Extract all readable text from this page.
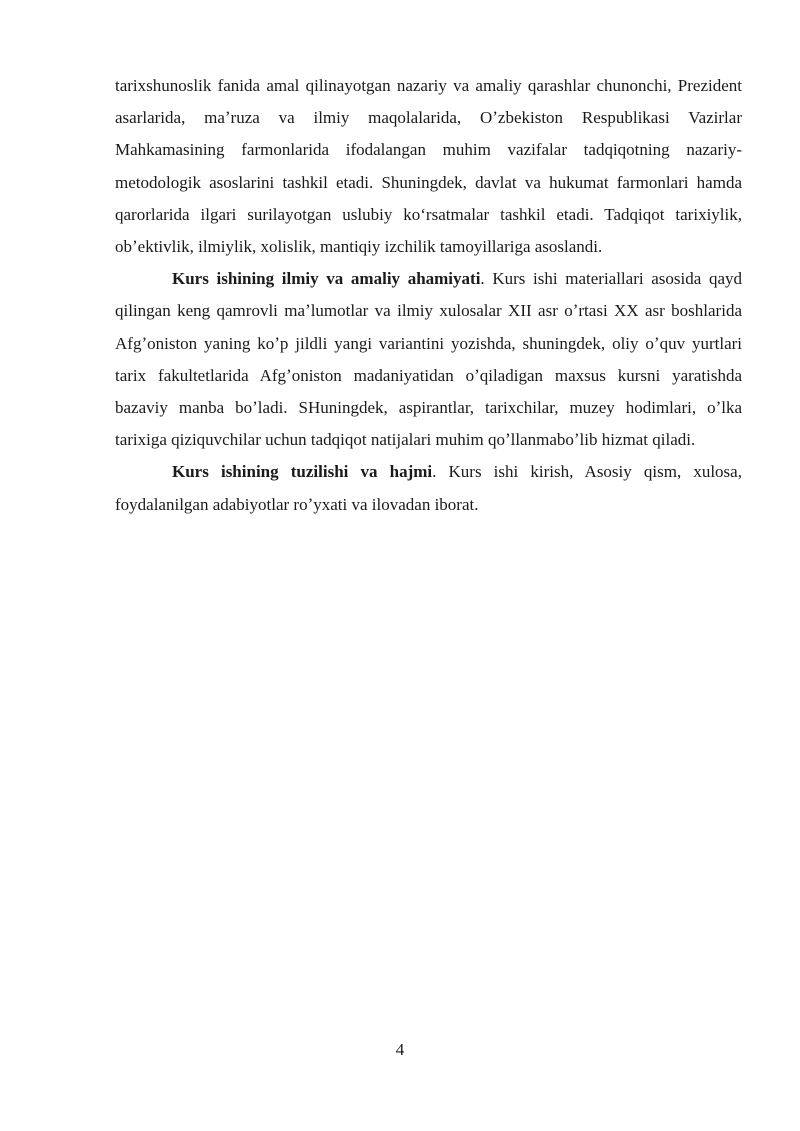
tarixshunoslik fanida amal qilinayotgan nazariy va amaliy qarashlar chunonchi, Prezident asarlarida, maʼruza va ilmiy maqolalarida, Oʼzbekiston Respublikasi Vazirlar Mahkamasining farmonlarida ifodalangan muhim vazifalar tadqiqotning nazariy-metodologik asoslarini tashkil etadi. Shuningdek, davlat va hukumat farmonlari hamda qarorlarida ilgari surilayotgan uslubiy ko‘rsatmalar tashkil etadi. Tadqiqot tarixiylik, obʼektivlik, ilmiylik, xolislik, mantiqiy izchilik tamoyillariga asoslandi.

Kurs ishining ilmiy va amaliy ahamiyati. Kurs ishi materiallari asosida qayd qilingan keng qamrovli maʼlumotlar va ilmiy xulosalar XII asr oʼrtasi XX asr boshlarida Afgʼoniston yaning koʼp jildli yangi variantini yozishda, shuningdek, oliy oʼquv yurtlari tarix fakultetlarida Afgʼoniston madaniyatidan oʼqiladigan maxsus kursni yaratishda bazaviy manba boʼladi. SHuningdek, aspirantlar, tarixchilar, muzey hodimlari, oʼlka tarixiga qiziquvchilar uchun tadqiqot natijalari muhim qoʼllanmaboʼlib hizmat qiladi.

Kurs ishining tuzilishi va hajmi. Kurs ishi kirish, Asosiy qism, xulosa, foydalanilgan adabiyotlar roʼyxati va ilovadan iborat.

4
